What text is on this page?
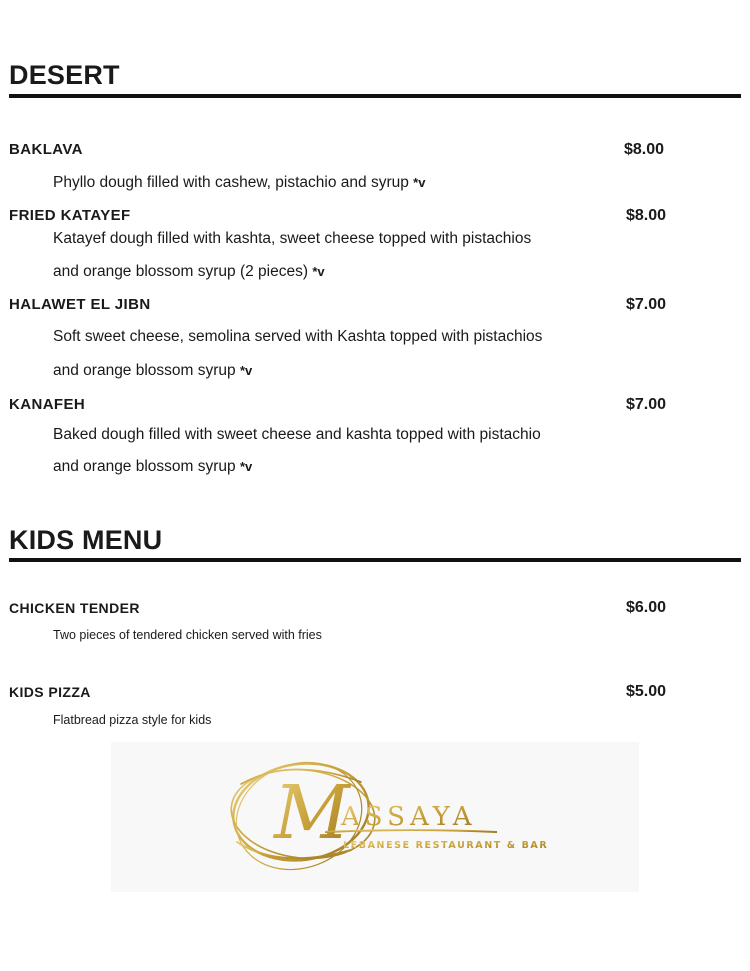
DESERT
BAKLAVA	$8.00
Phyllo dough filled with cashew, pistachio and syrup *v
FRIED KATAYEF	$8.00
Katayef dough filled with kashta, sweet cheese topped with pistachios
and orange blossom syrup (2 pieces) *v
HALAWET EL JIBN	$7.00
Soft sweet cheese, semolina served with Kashta topped with pistachios
and orange blossom syrup *v
KANAFEH	$7.00
Baked dough filled with sweet cheese and kashta topped with pistachio
and orange blossom syrup *v
KIDS MENU
CHICKEN TENDER	$6.00
Two pieces of tendered chicken served with fries
KIDS PIZZA	$5.00
Flatbread pizza style for kids
M
ASSAYA
LEBANESE RESTAURANT & BAR
